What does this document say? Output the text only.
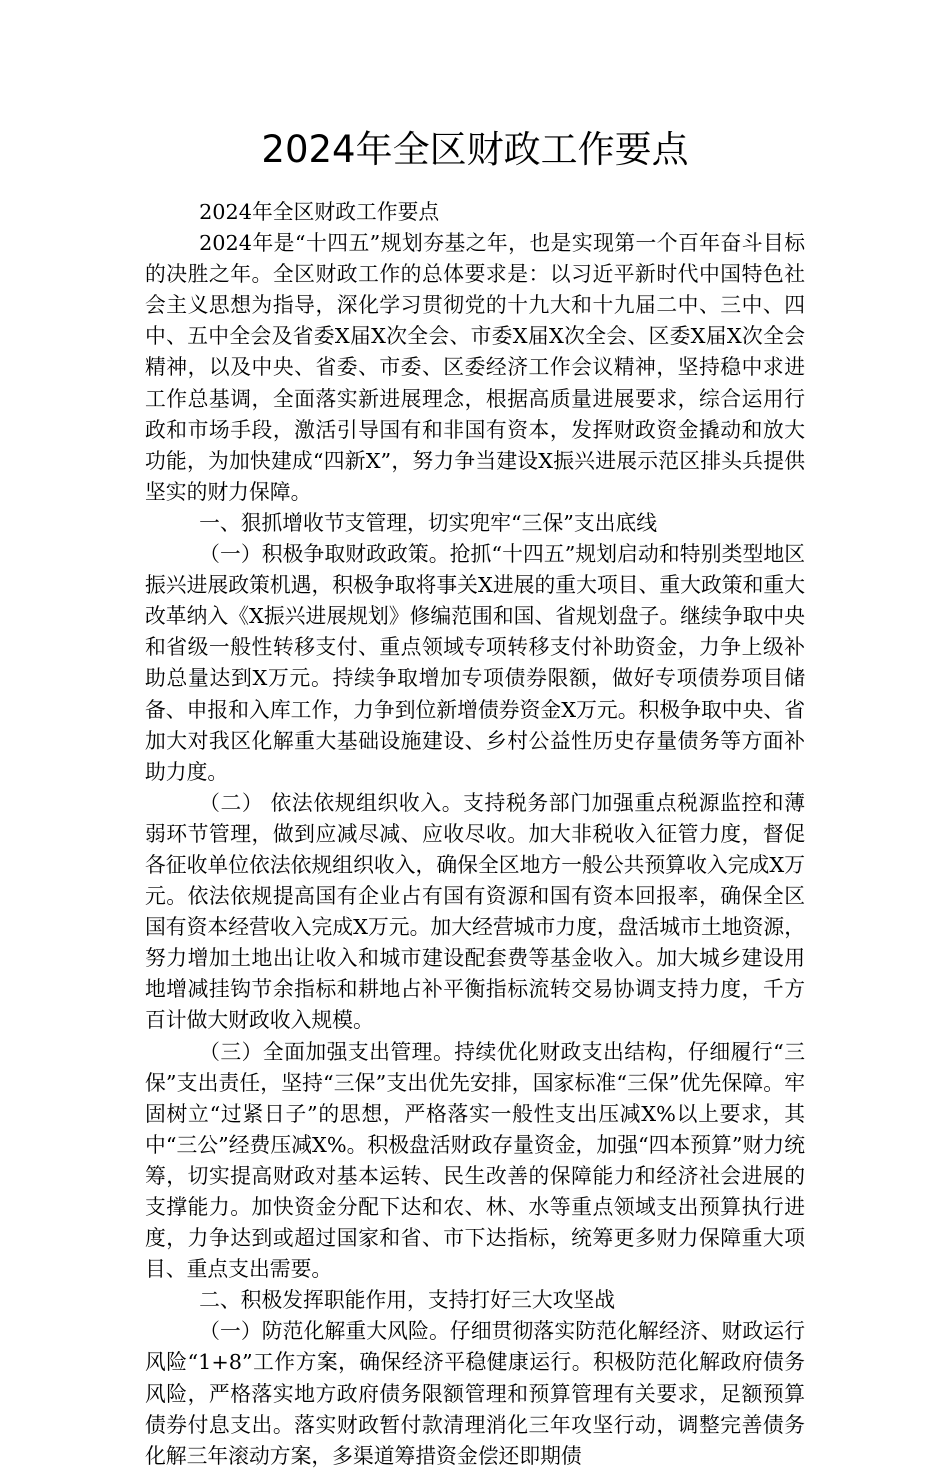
2024年全区财政工作要点

2024年全区财政工作要点

2024年是“十四五”规划夯基之年，也是实现第一个百年奋斗目标的决胜之年。全区财政工作的总体要求是：以习近平新时代中国特色社会主义思想为指导，深化学习贯彻党的十九大和十九届二中、三中、四中、五中全会及省委X届X次全会、市委X届X次全会、区委X届X次全会精神，以及中央、省委、市委、区委经济工作会议精神，坚持稳中求进工作总基调，全面落实新进展理念，根据高质量进展要求，综合运用行政和市场手段，激活引导国有和非国有资本，发挥财政资金撬动和放大功能，为加快建成“四新X”，努力争当建设X振兴进展示范区排头兵提供坚实的财力保障。

一、狠抓增收节支管理，切实兜牢“三保”支出底线

（一）积极争取财政政策。抢抓“十四五”规划启动和特别类型地区振兴进展政策机遇，积极争取将事关X进展的重大项目、重大政策和重大改革纳入《X振兴进展规划》修编范围和国、省规划盘子。继续争取中央和省级一般性转移支付、重点领域专项转移支付补助资金，力争上级补助总量达到X万元。持续争取增加专项债券限额，做好专项债券项目储备、申报和入库工作，力争到位新增债券资金X万元。积极争取中央、省加大对我区化解重大基础设施建设、乡村公益性历史存量债务等方面补助力度。

（二） 依法依规组织收入。支持税务部门加强重点税源监控和薄弱环节管理，做到应减尽减、应收尽收。加大非税收入征管力度，督促各征收单位依法依规组织收入，确保全区地方一般公共预算收入完成X万元。依法依规提高国有企业占有国有资源和国有资本回报率，确保全区国有资本经营收入完成X万元。加大经营城市力度，盘活城市土地资源，努力增加土地出让收入和城市建设配套费等基金收入。加大城乡建设用地增减挂钩节余指标和耕地占补平衡指标流转交易协调支持力度，千方百计做大财政收入规模。

（三）全面加强支出管理。持续优化财政支出结构，仔细履行“三保”支出责任，坚持“三保”支出优先安排，国家标准“三保”优先保障。牢固树立“过紧日子”的思想，严格落实一般性支出压减X%以上要求，其中“三公”经费压减X%。积极盘活财政存量资金，加强“四本预算”财力统筹，切实提高财政对基本运转、民生改善的保障能力和经济社会进展的支撑能力。加快资金分配下达和农、林、水等重点领域支出预算执行进度，力争达到或超过国家和省、市下达指标，统筹更多财力保障重大项目、重点支出需要。

二、积极发挥职能作用，支持打好三大攻坚战

（一）防范化解重大风险。仔细贯彻落实防范化解经济、财政运行风险“1+8”工作方案，确保经济平稳健康运行。积极防范化解政府债务风险，严格落实地方政府债务限额管理和预算管理有关要求，足额预算债券付息支出。落实财政暂付款清理消化三年攻坚行动，调整完善债务化解三年滚动方案，多渠道筹措资金偿还即期债
